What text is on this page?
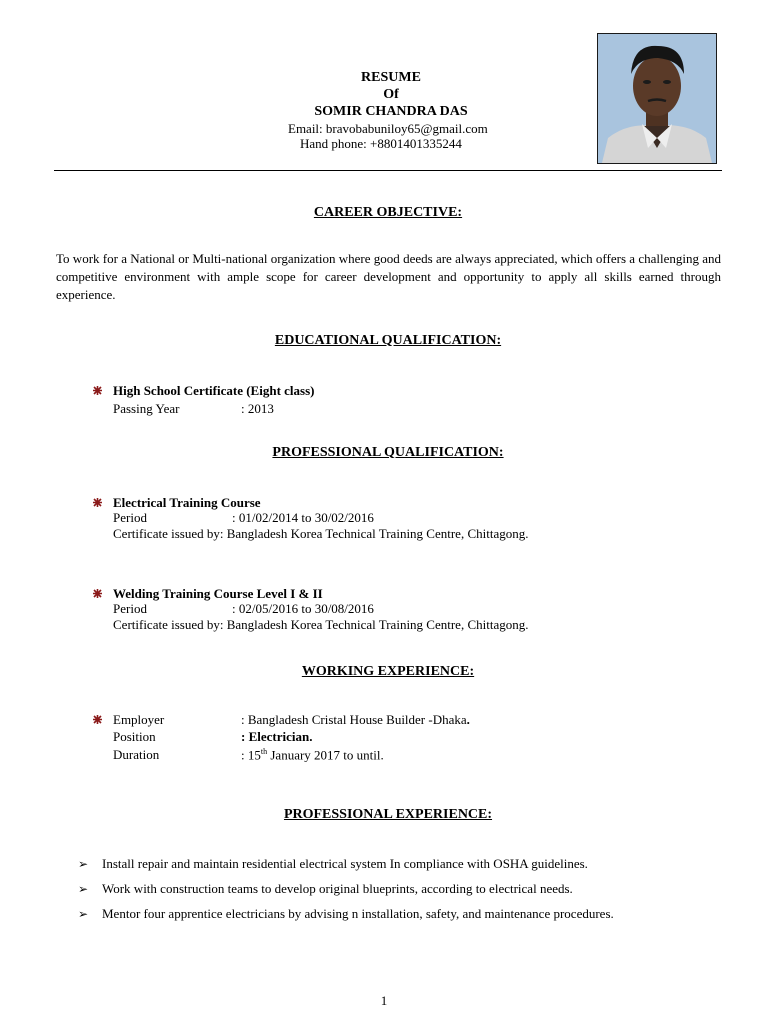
RESUME
Of
SOMIR CHANDRA DAS
Email: bravobabuniloy65@gmail.com
Hand phone: +8801401335244
CAREER OBJECTIVE:
To work for a National or Multi-national organization where good deeds are always appreciated, which offers a challenging and competitive environment with ample scope for career development and opportunity to apply all skills earned through experience.
EDUCATIONAL QUALIFICATION:
High School Certificate (Eight class)
Passing Year	: 2013
PROFESSIONAL QUALIFICATION:
Electrical Training Course
Period	: 01/02/2014 to 30/02/2016
Certificate issued by: Bangladesh Korea Technical Training Centre, Chittagong.
Welding Training Course Level I & II
Period	: 02/05/2016 to 30/08/2016
Certificate issued by: Bangladesh Korea Technical Training Centre, Chittagong.
WORKING EXPERIENCE:
Employer	: Bangladesh Cristal House Builder -Dhaka.
Position	: Electrician.
Duration	: 15th January 2017 to until.
PROFESSIONAL EXPERIENCE:
➢ Install repair and maintain residential electrical system In compliance with OSHA guidelines.
➢ Work with construction teams to develop original blueprints, according to electrical needs.
➢ Mentor four apprentice electricians by advising n installation, safety, and maintenance procedures.
1
